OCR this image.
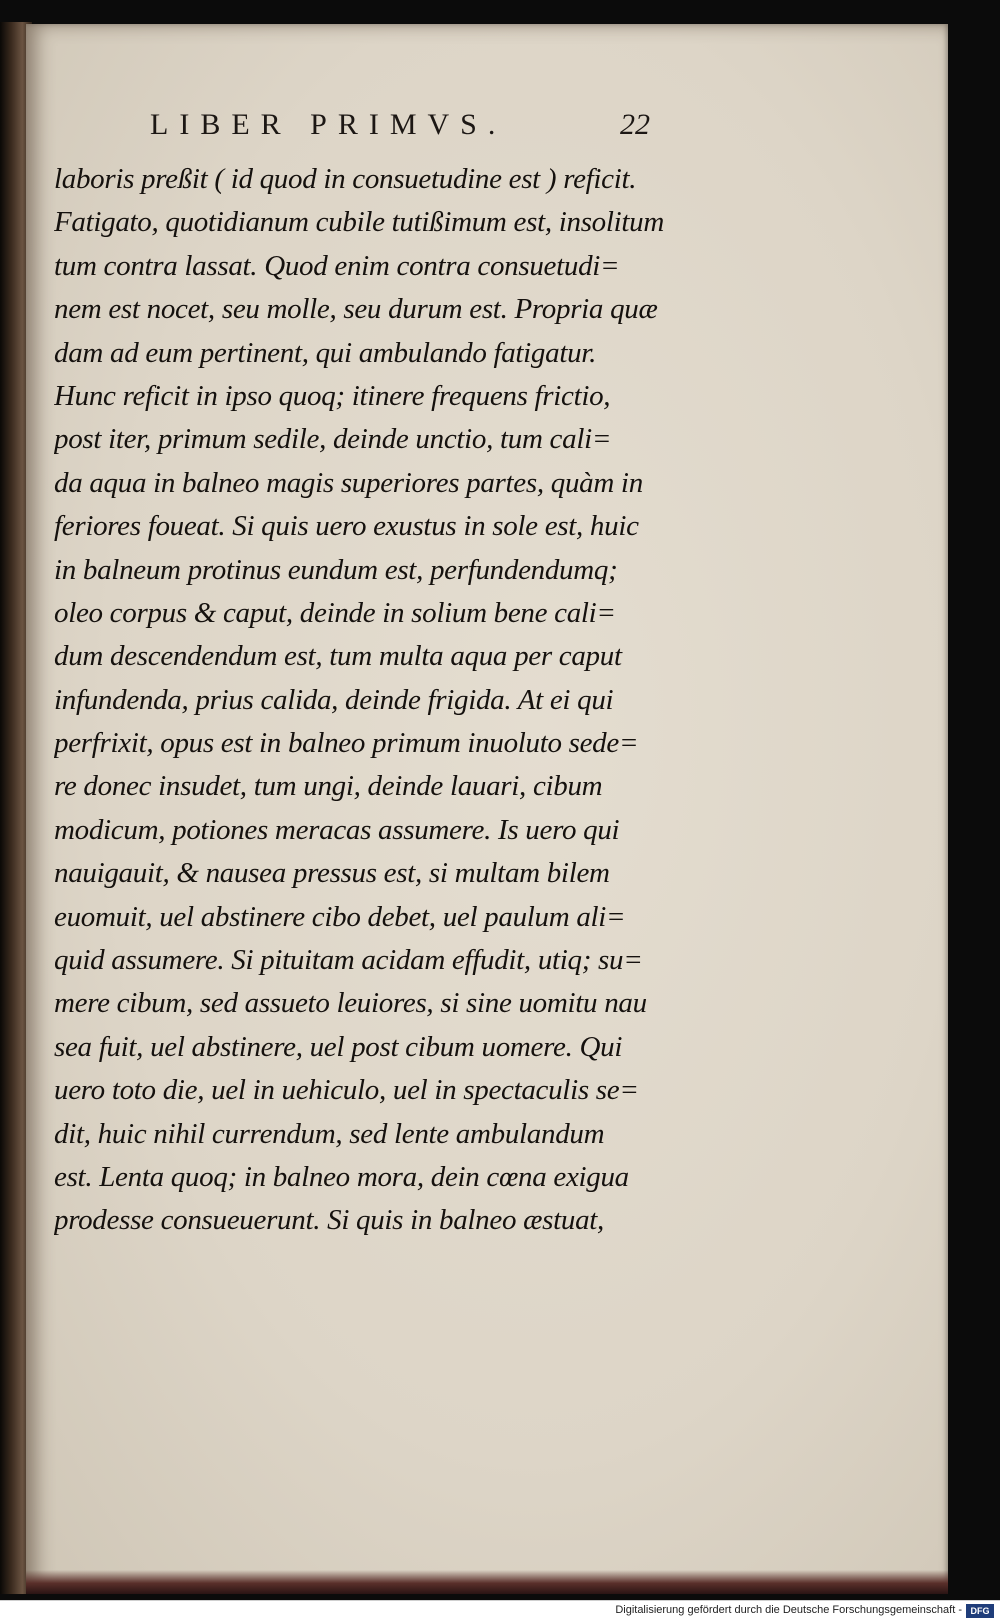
LIBER PRIMVS.	22
laboris preßit ( id quod in consuetudine est ) reficit.
Fatigato, quotidianum cubile tutißimum est, insolitum
tum contra lassat. Quod enim contra consuetudi=
nem est nocet, seu molle, seu durum est. Propria quæ
dam ad eum pertinent, qui ambulando fatigatur.
Hunc reficit in ipso quoq; itinere frequens frictio,
post iter, primum sedile, deinde unctio, tum cali=
da aqua in balneo magis superiores partes, quàm in
feriores foueat. Si quis uero exustus in sole est, huic
in balneum protinus eundum est, perfundendumq;
oleo corpus & caput, deinde in solium bene cali=
dum descendendum est, tum multa aqua per caput
infundenda, prius calida, deinde frigida. At ei qui
perfrixit, opus est in balneo primum inuoluto sede=
re donec insudet, tum ungi, deinde lauari, cibum
modicum, potiones meracas assumere. Is uero qui
nauigauit, & nausea pressus est, si multam bilem
euomuit, uel abstinere cibo debet, uel paulum ali=
quid assumere. Si pituitam acidam effudit, utiq; su=
mere cibum, sed assueto leuiores, si sine uomitu nau
sea fuit, uel abstinere, uel post cibum uomere. Qui
uero toto die, uel in uehiculo, uel in spectaculis se=
dit, huic nihil currendum, sed lente ambulandum
est. Lenta quoq; in balneo mora, dein cœna exigua
prodesse consueuerunt. Si quis in balneo æstuat,
Digitalisierung gefördert durch die Deutsche Forschungsgemeinschaft - DFG
